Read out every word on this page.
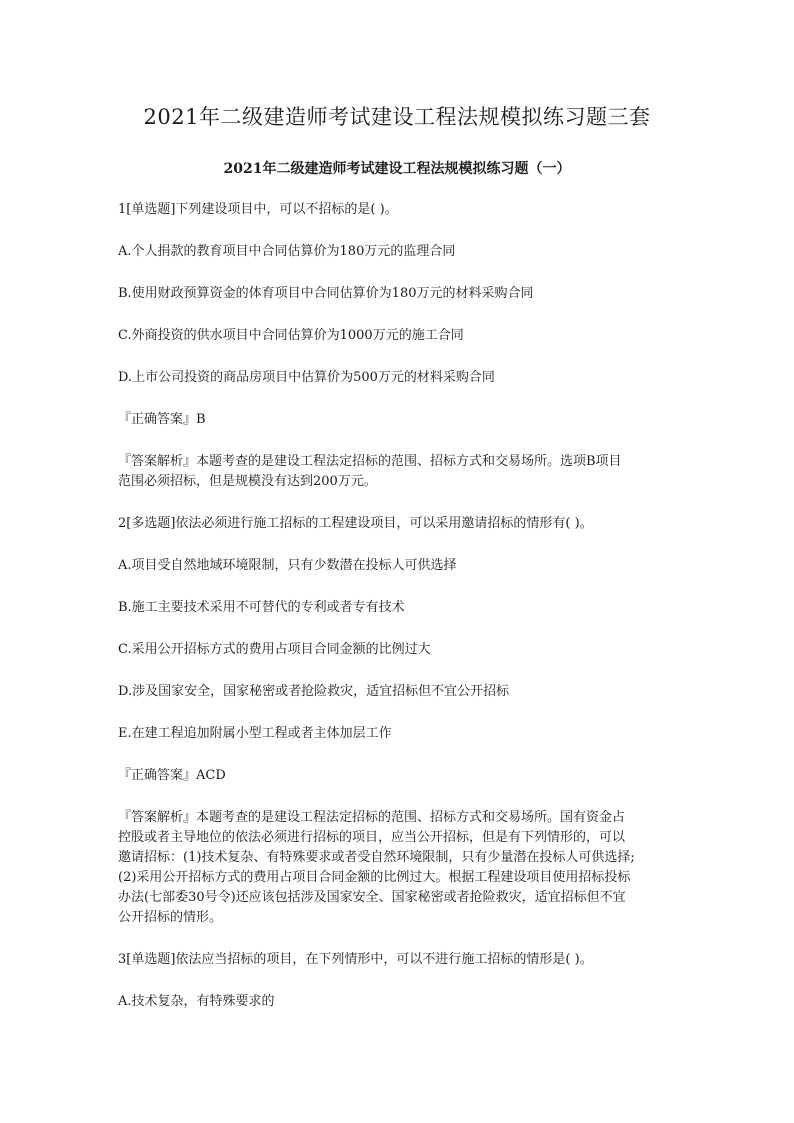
2021年二级建造师考试建设工程法规模拟练习题三套
2021年二级建造师考试建设工程法规模拟练习题（一）

1[单选题]下列建设项目中，可以不招标的是( )。

A.个人捐款的教育项目中合同估算价为180万元的监理合同

B.使用财政预算资金的体育项目中合同估算价为180万元的材料采购合同

C.外商投资的供水项目中合同估算价为1000万元的施工合同

D.上市公司投资的商品房项目中估算价为500万元的材料采购合同

『正确答案』B

『答案解析』本题考查的是建设工程法定招标的范围、招标方式和交易场所。选项B项目

范围必须招标，但是规模没有达到200万元。

2[多选题]依法必须进行施工招标的工程建设项目，可以采用邀请招标的情形有( )。

A.项目受自然地域环境限制，只有少数潜在投标人可供选择

B.施工主要技术采用不可替代的专利或者专有技术

C.采用公开招标方式的费用占项目合同金额的比例过大

D.涉及国家安全，国家秘密或者抢险救灾，适宜招标但不宜公开招标

E.在建工程追加附属小型工程或者主体加层工作

『正确答案』ACD

『答案解析』本题考查的是建设工程法定招标的范围、招标方式和交易场所。国有资金占

控股或者主导地位的依法必须进行招标的项目，应当公开招标，但是有下列情形的，可以

邀请招标：(1)技术复杂、有特殊要求或者受自然环境限制，只有少量潜在投标人可供选择;

(2)采用公开招标方式的费用占项目合同金额的比例过大。根据工程建设项目使用招标投标

办法(七部委30号令)还应该包括涉及国家安全、国家秘密或者抢险救灾，适宜招标但不宜

公开招标的情形。

3[单选题]依法应当招标的项目，在下列情形中，可以不进行施工招标的情形是( )。

A.技术复杂，有特殊要求的
